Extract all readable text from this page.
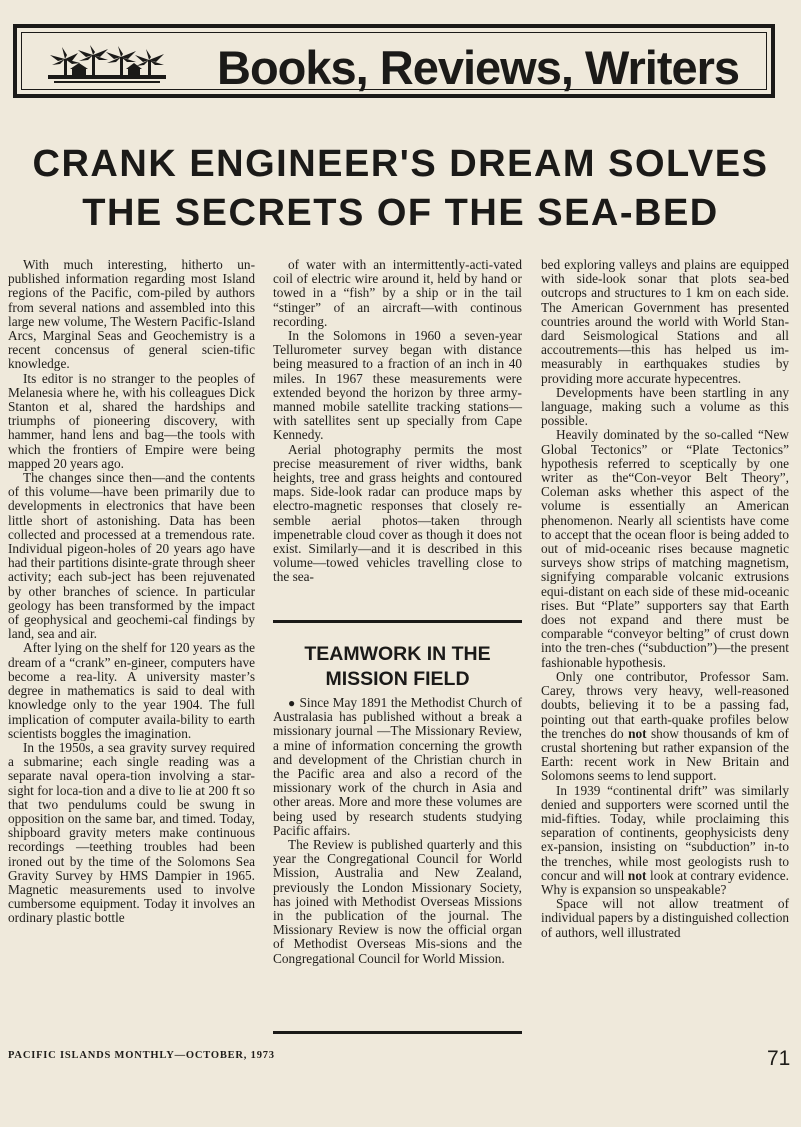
Books, Reviews, Writers
CRANK ENGINEER'S DREAM SOLVES
THE SECRETS OF THE SEA-BED

With much interesting, hitherto un-published information regarding most Island regions of the Pacific, com-piled by authors from several nations and assembled into this large new volume, The Western Pacific-Island Arcs, Marginal Seas and Geochemistry is a recent concensus of general scien-tific knowledge.

Its editor is no stranger to the peoples of Melanesia where he, with his colleagues Dick Stanton et al, shared the hardships and triumphs of pioneering discovery, with hammer, hand lens and bag—the tools with which the frontiers of Empire were being mapped 20 years ago.

The changes since then—and the contents of this volume—have been primarily due to developments in electronics that have been little short of astonishing. Data has been collected and processed at a tremendous rate. Individual pigeon-holes of 20 years ago have had their partitions disinte-grate through sheer activity; each sub-ject has been rejuvenated by other branches of science. In particular geology has been transformed by the impact of geophysical and geochemi-cal findings by land, sea and air.

After lying on the shelf for 120 years as the dream of a “crank” en-gineer, computers have become a rea-lity. A university master’s degree in mathematics is said to deal with knowledge only to the year 1904. The full implication of computer availa-bility to earth scientists boggles the imagination.

In the 1950s, a sea gravity survey required a submarine; each single reading was a separate naval opera-tion involving a star-sight for loca-tion and a dive to lie at 200 ft so that two pendulums could be swung in opposition on the same bar, and timed. Today, shipboard gravity meters make continuous recordings —teething troubles had been ironed out by the time of the Solomons Sea Gravity Survey by HMS Dampier in 1965. Magnetic measurements used to involve cumbersome equipment. Today it involves an ordinary plastic bottle

of water with an intermittently-acti-vated coil of electric wire around it, held by hand or towed in a “fish” by a ship or in the tail “stinger” of an aircraft—with continous recording.

In the Solomons in 1960 a seven-year Tellurometer survey began with distance being measured to a fraction of an inch in 40 miles. In 1967 these measurements were extended beyond the horizon by three army-manned mobile satellite tracking stations—with satellites sent up specially from Cape Kennedy.

Aerial photography permits the most precise measurement of river widths, bank heights, tree and grass heights and contoured maps. Side-look radar can produce maps by electro-magnetic responses that closely re-semble aerial photos—taken through impenetrable cloud cover as though it does not exist. Similarly—and it is described in this volume—towed vehicles travelling close to the sea-

TEAMWORK IN THE MISSION FIELD

● Since May 1891 the Methodist Church of Australasia has published without a break a missionary journal —The Missionary Review, a mine of information concerning the growth and development of the Christian church in the Pacific area and also a record of the missionary work of the church in Asia and other areas. More and more these volumes are being used by research students studying Pacific affairs.

The Review is published quarterly and this year the Congregational Council for World Mission, Australia and New Zealand, previously the London Missionary Society, has joined with Methodist Overseas Missions in the publication of the journal. The Missionary Review is now the official organ of Methodist Overseas Mis-sions and the Congregational Council for World Mission.

bed exploring valleys and plains are equipped with side-look sonar that plots sea-bed outcrops and structures to 1 km on each side. The American Government has presented countries around the world with World Stan-dard Seismological Stations and all accoutrements—this has helped us im-measurably in earthquakes studies by providing more accurate hypecentres.

Developments have been startling in any language, making such a volume as this possible.

Heavily dominated by the so-called “New Global Tectonics” or “Plate Tectonics” hypothesis referred to sceptically by one writer as the“Con-veyor Belt Theory”, Coleman asks whether this aspect of the volume is essentially an American phenomenon. Nearly all scientists have come to accept that the ocean floor is being added to out of mid-oceanic rises because magnetic surveys show strips of matching magnetism, signifying comparable volcanic extrusions equi-distant on each side of these mid-oceanic rises. But “Plate” supporters say that Earth does not expand and there must be comparable “conveyor belting” of crust down into the tren-ches (“subduction”)—the present fashionable hypothesis.

Only one contributor, Professor Sam. Carey, throws very heavy, well-reasoned doubts, believing it to be a passing fad, pointing out that earth-quake profiles below the trenches do not show thousands of km of crustal shortening but rather expansion of the Earth: recent work in New Britain and Solomons seems to lend support.

In 1939 “continental drift” was similarly denied and supporters were scorned until the mid-fifties. Today, while proclaiming this separation of continents, geophysicists deny ex-pansion, insisting on “subduction” in-to the trenches, while most geologists rush to concur and will not look at contrary evidence. Why is expansion so unspeakable?

Space will not allow treatment of individual papers by a distinguished collection of authors, well illustrated

PACIFIC ISLANDS MONTHLY—OCTOBER, 1973	71
